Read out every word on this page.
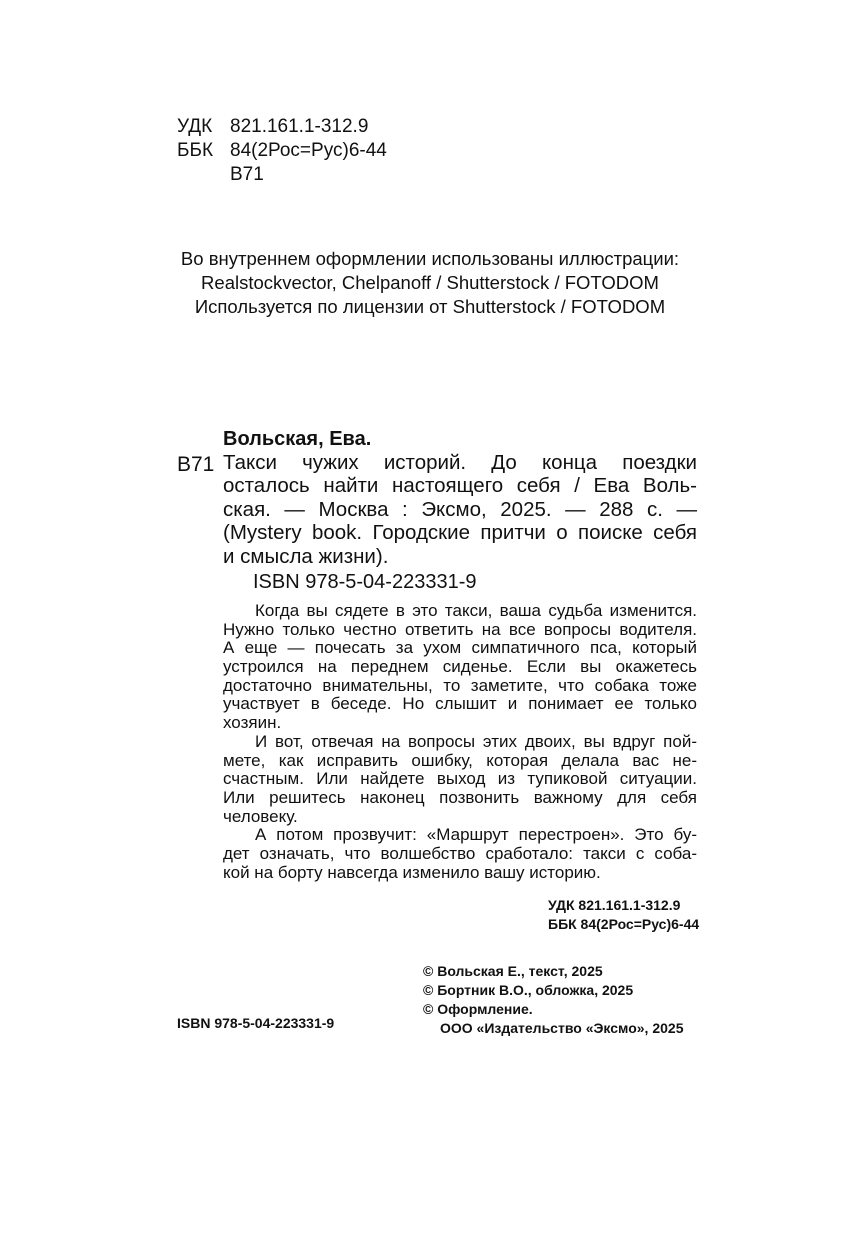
УДК 821.161.1-312.9
ББК 84(2Рос=Рус)6-44
В71
Во внутреннем оформлении использованы иллюстрации:
Realstockvector, Chelpanoff / Shutterstock / FOTODOM
Используется по лицензии от Shutterstock / FOTODOM
Вольская, Ева.
В71 Такси чужих историй. До конца поездки
осталось найти настоящего себя / Ева Воль-
ская. — Москва : Эксмо, 2025. — 288 с. —
(Mystery book. Городские притчи о поиске себя
и смысла жизни).
ISBN 978-5-04-223331-9
Когда вы сядете в это такси, ваша судьба изменится.
Нужно только честно ответить на все вопросы водителя.
А еще — почесать за ухом симпатичного пса, который
устроился на переднем сиденье. Если вы окажетесь
достаточно внимательны, то заметите, что собака тоже
участвует в беседе. Но слышит и понимает ее только
хозяин.
И вот, отвечая на вопросы этих двоих, вы вдруг пой-
мете, как исправить ошибку, которая делала вас не-
счастным. Или найдете выход из тупиковой ситуации.
Или решитесь наконец позвонить важному для себя
человеку.
А потом прозвучит: «Маршрут перестроен». Это бу-
дет означать, что волшебство сработало: такси с соба-
кой на борту навсегда изменило вашу историю.
УДК 821.161.1-312.9
ББК 84(2Рос=Рус)6-44
© Вольская Е., текст, 2025
© Бортник В.О., обложка, 2025
© Оформление.
ООО «Издательство «Эксмо», 2025
ISBN 978-5-04-223331-9
